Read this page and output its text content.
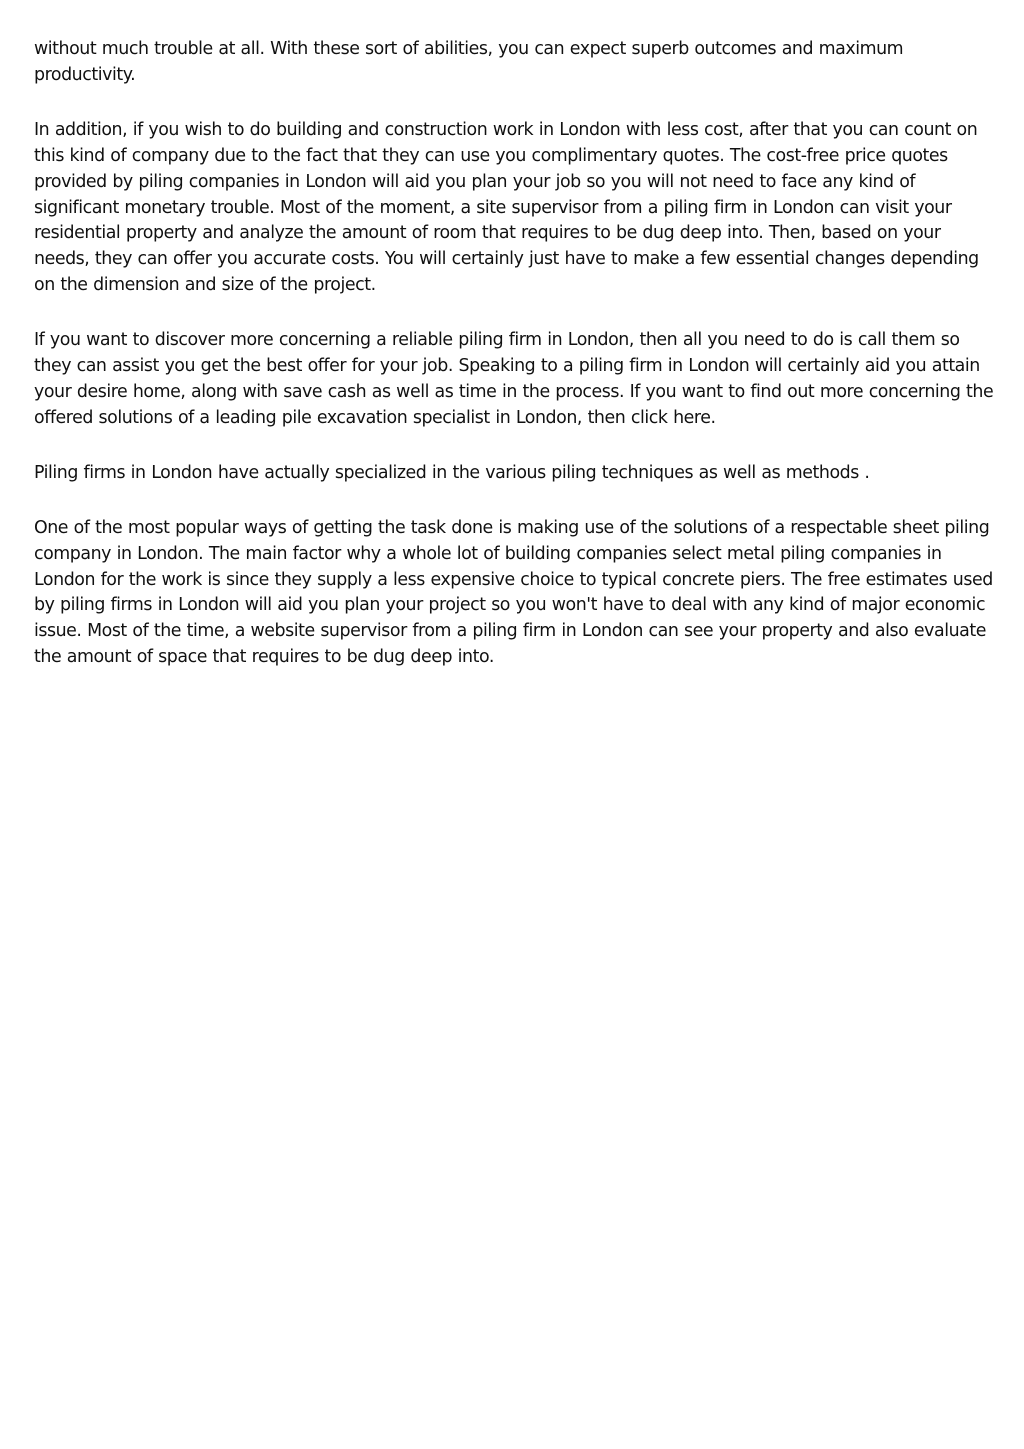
without much trouble at all. With these sort of abilities, you can expect superb outcomes and maximum productivity.

In addition, if you wish to do building and construction work in London with less cost, after that you can count on this kind of company due to the fact that they can use you complimentary quotes. The cost-free price quotes provided by piling companies in London will aid you plan your job so you will not need to face any kind of significant monetary trouble. Most of the moment, a site supervisor from a piling firm in London can visit your residential property and analyze the amount of room that requires to be dug deep into. Then, based on your needs, they can offer you accurate costs. You will certainly just have to make a few essential changes depending on the dimension and size of the project.

If you want to discover more concerning a reliable piling firm in London, then all you need to do is call them so they can assist you get the best offer for your job. Speaking to a piling firm in London will certainly aid you attain your desire home, along with save cash as well as time in the process. If you want to find out more concerning the offered solutions of a leading pile excavation specialist in London, then click here.

Piling firms in London have actually specialized in the various piling techniques as well as methods .

One of the most popular ways of getting the task done is making use of the solutions of a respectable sheet piling company in London. The main factor why a whole lot of building companies select metal piling companies in London for the work is since they supply a less expensive choice to typical concrete piers. The free estimates used by piling firms in London will aid you plan your project so you won't have to deal with any kind of major economic issue. Most of the time, a website supervisor from a piling firm in London can see your property and also evaluate the amount of space that requires to be dug deep into.
